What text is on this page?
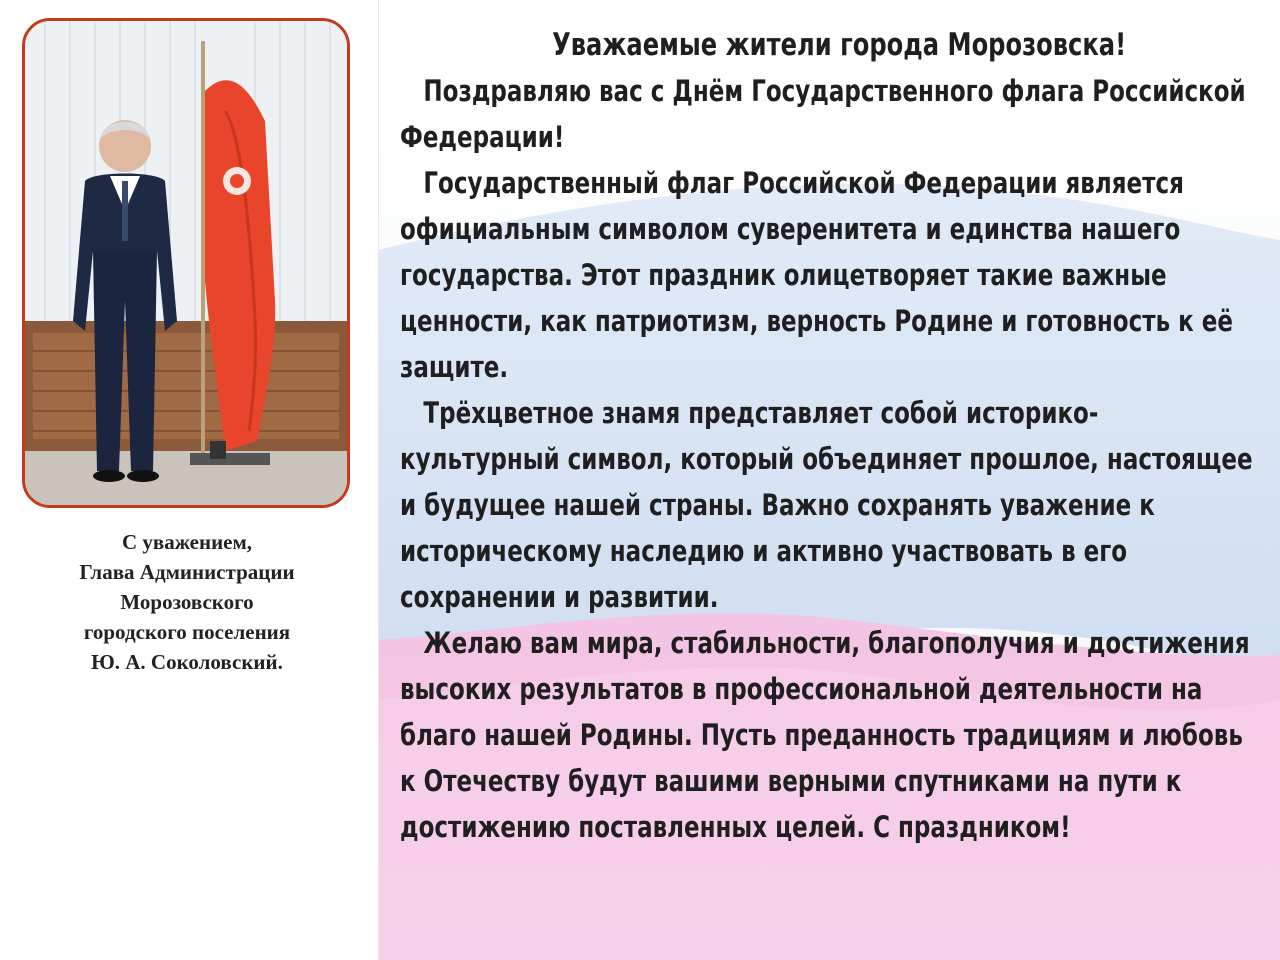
С уважением,
Глава Администрации
Морозовского
городского поселения
Ю. А. Соколовский.
Уважаемые жители города Морозовска!

Поздравляю вас с Днём Государственного флага Российской Федерации!

Государственный флаг Российской Федерации является официальным символом суверенитета и единства нашего государства. Этот праздник олицетворяет такие важные ценности, как патриотизм, верность Родине и готовность к её защите.

Трёхцветное знамя представляет собой историко-культурный символ, который объединяет прошлое, настоящее и будущее нашей страны. Важно сохранять уважение к историческому наследию и активно участвовать в его сохранении и развитии.

Желаю вам мира, стабильности, благополучия и достижения высоких результатов в профессиональной деятельности на благо нашей Родины. Пусть преданность традициям и любовь к Отечеству будут вашими верными спутниками на пути к достижению поставленных целей. С праздником!
